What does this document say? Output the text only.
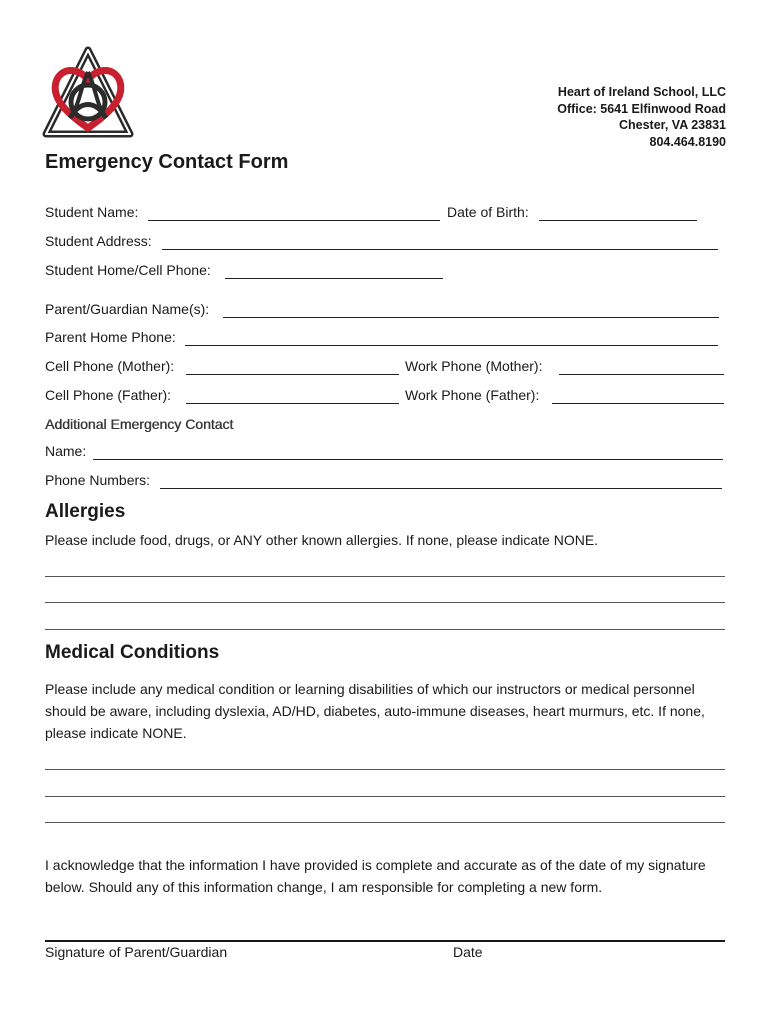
Heart of Ireland School, LLC
Office: 5641 Elfinwood Road
Chester, VA 23831
804.464.8190
Emergency Contact Form
Student Name:	Date of Birth:
Student Address:
Student Home/Cell Phone:
Parent/Guardian Name(s):
Parent Home Phone:
Cell Phone (Mother):	Work Phone (Mother):
Cell Phone (Father):	Work Phone (Father):
Additional Emergency Contact
Name:
Phone Numbers:
Allergies
Please include food, drugs, or ANY other known allergies. If none, please indicate NONE.
Medical Conditions
Please include any medical condition or learning disabilities of which our instructors or medical personnel should be aware, including dyslexia, AD/HD, diabetes, auto-immune diseases, heart murmurs, etc. If none, please indicate NONE.
I acknowledge that the information I have provided is complete and accurate as of the date of my signature below. Should any of this information change, I am responsible for completing a new form.
Signature of Parent/Guardian	Date
